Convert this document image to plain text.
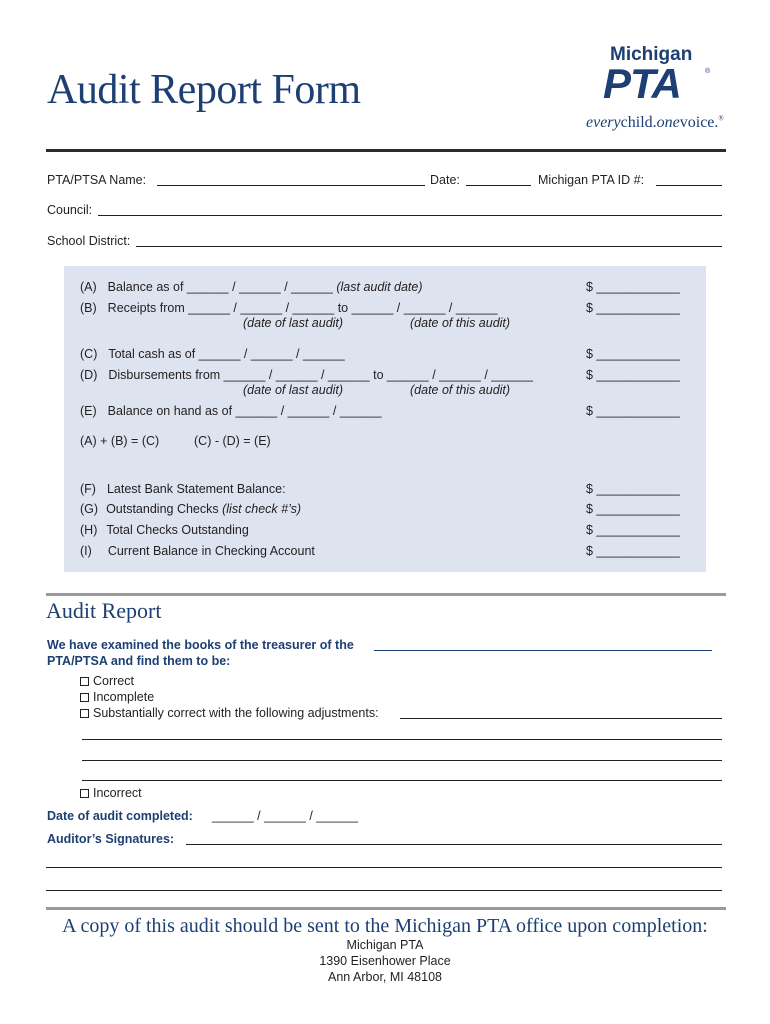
Audit Report Form
Michigan
PTA	®
everychild.onevoice.®
PTA/PTSA Name:	Date:	Michigan PTA ID #:
Council:
School District:
(A) Balance as of ______ / ______ / ______ (last audit date)	$ ____________
(B) Receipts from ______ / ______ / ______ to ______ / ______ / ______	$ ____________
(date of last audit)	(date of this audit)
(C) Total cash as of ______ / ______ / ______	$ ____________
(D) Disbursements from ______ / ______ / ______ to ______ / ______ / ______	$ ____________
(date of last audit)	(date of this audit)
(E) Balance on hand as of ______ / ______ / ______	$ ____________
(A) + (B) = (C)	(C) - (D) = (E)
(F) Latest Bank Statement Balance:	$ ____________
(G) Outstanding Checks (list check #’s)	$ ____________
(H) Total Checks Outstanding	$ ____________
(I) Current Balance in Checking Account	$ ____________
Audit Report
We have examined the books of the treasurer of the
PTA/PTSA and find them to be:
Correct
Incomplete
Substantially correct with the following adjustments:
Incorrect
Date of audit completed: ______ / ______ / ______
Auditor’s Signatures:
A copy of this audit should be sent to the Michigan PTA office upon completion:
Michigan PTA
1390 Eisenhower Place
Ann Arbor, MI 48108
